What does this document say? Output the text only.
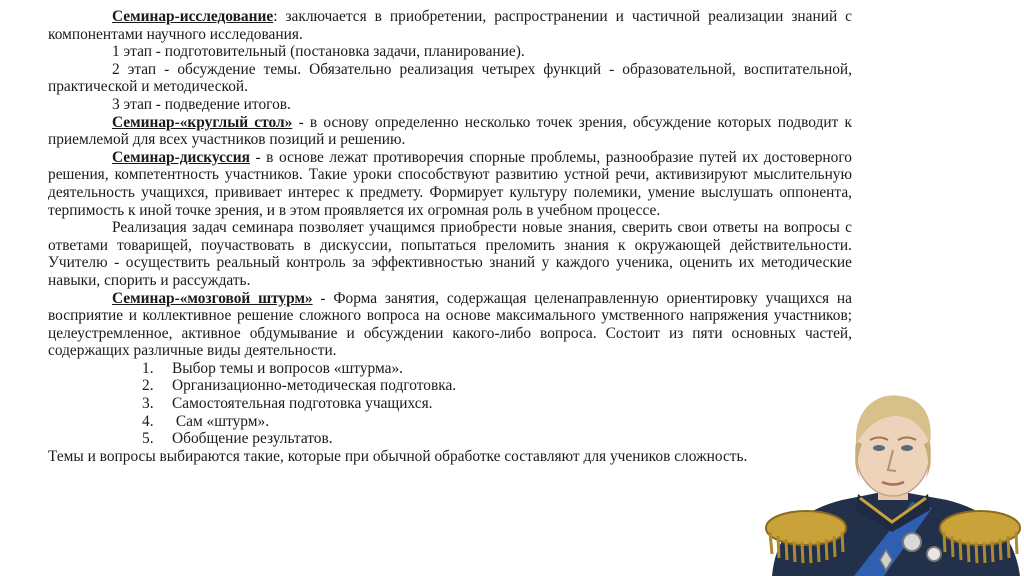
Семинар-исследование: заключается в приобретении, распространении и частичной реализации знаний с компонентами научного исследования.

1 этап - подготовительный (постановка задачи, планирование).

2 этап - обсуждение темы. Обязательно реализация четырех функций - образовательной, воспитательной, практической и методической.

3 этап - подведение итогов.

Семинар-«круглый стол» - в основу определенно несколько точек зрения, обсуждение которых подводит к приемлемой для всех участников позиций и решению.

Семинар-дискуссия - в основе лежат противоречия спорные проблемы, разнообразие путей их достоверного решения, компетентность участников. Такие уроки способствуют развитию устной речи, активизируют мыслительную деятельность учащихся, прививает интерес к предмету. Формирует культуру полемики, умение выслушать оппонента, терпимость к иной точке зрения, и в этом проявляется их огромная роль в учебном процессе.

Реализация задач семинара позволяет учащимся приобрести новые знания, сверить свои ответы на вопросы с ответами товарищей, поучаствовать в дискуссии, попытаться преломить знания к окружающей действительности. Учителю - осуществить реальный контроль за эффективностью знаний у каждого ученика, оценить их методические навыки, спорить и рассуждать.

Семинар-«мозговой штурм» - Форма занятия, содержащая целенаправленную ориентировку учащихся на восприятие и коллективное решение сложного вопроса на основе максимального умственного напряжения участников; целеустремленное, активное обдумывание и обсуждении какого-либо вопроса. Состоит из пяти основных частей, содержащих различные виды деятельности.

1. Выбор темы и вопросов «штурма».
2. Организационно-методическая подготовка.
3. Самостоятельная подготовка учащихся.
4. Сам «штурм».
5. Обобщение результатов.

Темы и вопросы выбираются такие, которые при обычной обработке составляют для учеников сложность.
